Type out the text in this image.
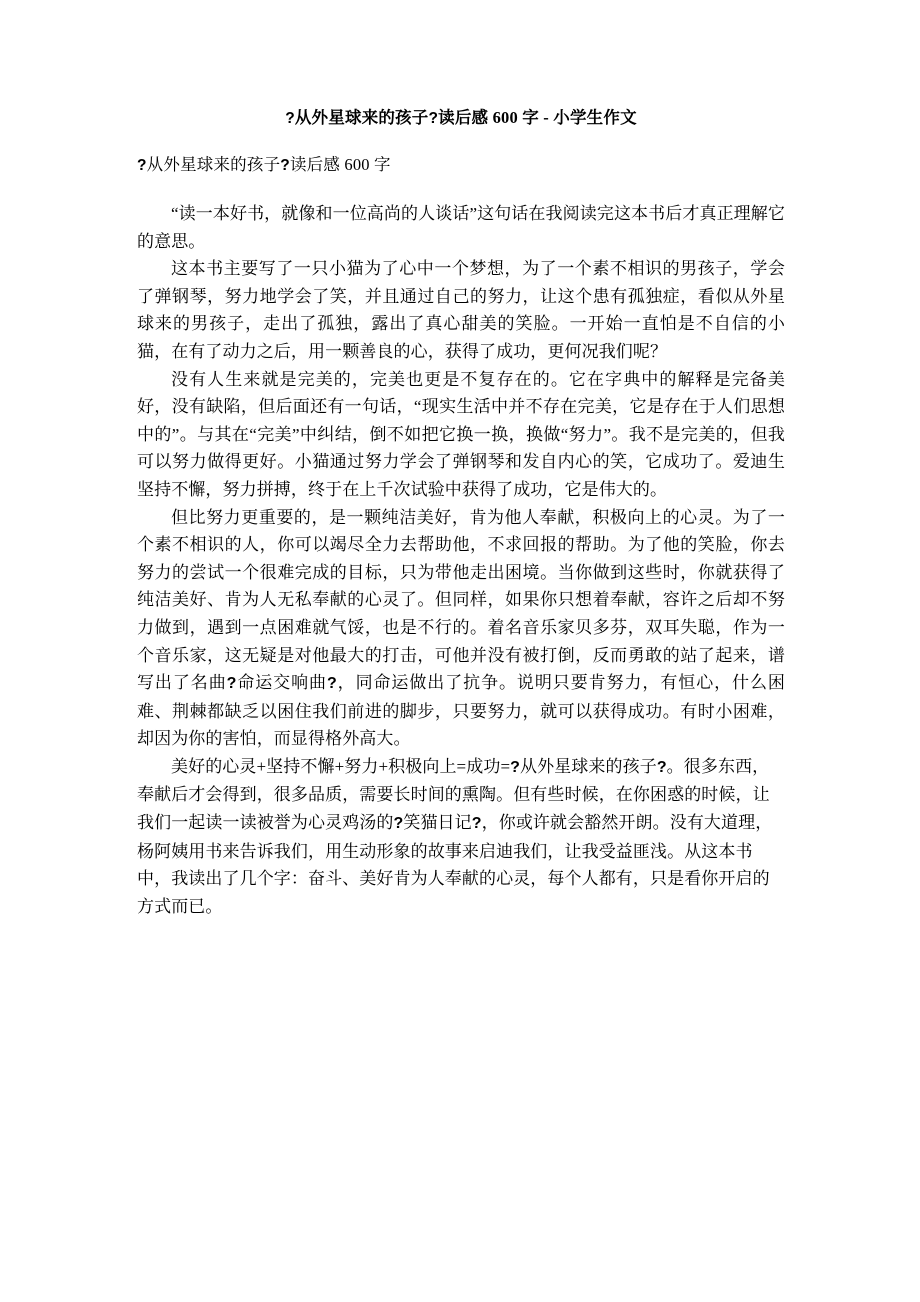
?从外星球来的孩子?读后感 600 字 - 小学生作文
?从外星球来的孩子?读后感 600 字

“读一本好书，就像和一位高尚的人谈话”这句话在我阅读完这本书后才真正理解它的意思。

这本书主要写了一只小猫为了心中一个梦想，为了一个素不相识的男孩子，学会了弹钢琴，努力地学会了笑，并且通过自己的努力，让这个患有孤独症，看似从外星球来的男孩子，走出了孤独，露出了真心甜美的笑脸。一开始一直怕是不自信的小猫，在有了动力之后，用一颗善良的心，获得了成功，更何况我们呢？

没有人生来就是完美的，完美也更是不复存在的。它在字典中的解释是完备美好，没有缺陷，但后面还有一句话，“现实生活中并不存在完美，它是存在于人们思想中的”。与其在“完美”中纠结，倒不如把它换一换，换做“努力”。我不是完美的，但我可以努力做得更好。小猫通过努力学会了弹钢琴和发自内心的笑，它成功了。爱迪生坚持不懈，努力拼搏，终于在上千次试验中获得了成功，它是伟大的。

但比努力更重要的，是一颗纯洁美好，肯为他人奉献，积极向上的心灵。为了一个素不相识的人，你可以竭尽全力去帮助他，不求回报的帮助。为了他的笑脸，你去努力的尝试一个很难完成的目标，只为带他走出困境。当你做到这些时，你就获得了纯洁美好、肯为人无私奉献的心灵了。但同样，如果你只想着奉献，容许之后却不努力做到，遇到一点困难就气馁，也是不行的。着名音乐家贝多芬，双耳失聪，作为一个音乐家，这无疑是对他最大的打击，可他并没有被打倒，反而勇敢的站了起来，谱写出了名曲?命运交响曲?，同命运做出了抗争。说明只要肯努力，有恒心，什么困难、荆棘都缺乏以困住我们前进的脚步，只要努力，就可以获得成功。有时小困难，却因为你的害怕，而显得格外高大。

美好的心灵+坚持不懈+努力+积极向上=成功=?从外星球来的孩子?。很多东西，奉献后才会得到，很多品质，需要长时间的熏陶。但有些时候，在你困惑的时候，让我们一起读一读被誉为心灵鸡汤的?笑猫日记?，你或许就会豁然开朗。没有大道理，杨阿姨用书来告诉我们，用生动形象的故事来启迪我们，让我受益匪浅。从这本书中，我读出了几个字：奋斗、美好肯为人奉献的心灵，每个人都有，只是看你开启的方式而已。
